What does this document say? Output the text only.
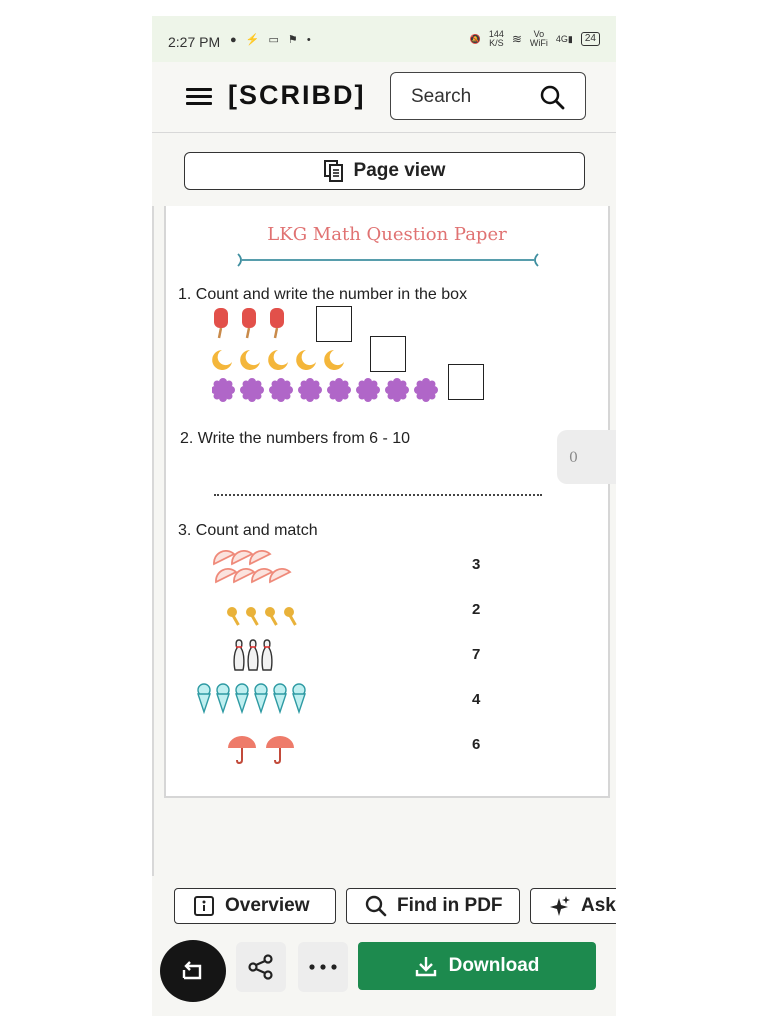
2:27 PM ● ⚡ ▭ ⚑ •	🔕 144
K/S ≋	Vo
WiFi 4G▮	24
[SCRIBD] Search
Page view
LKG Math Question Paper
1. Count and write the number in the box
2. Write the numbers from 6 - 10
3. Count and match
3
2
7
4
6
0
Overview	Find in PDF	Ask
Download
